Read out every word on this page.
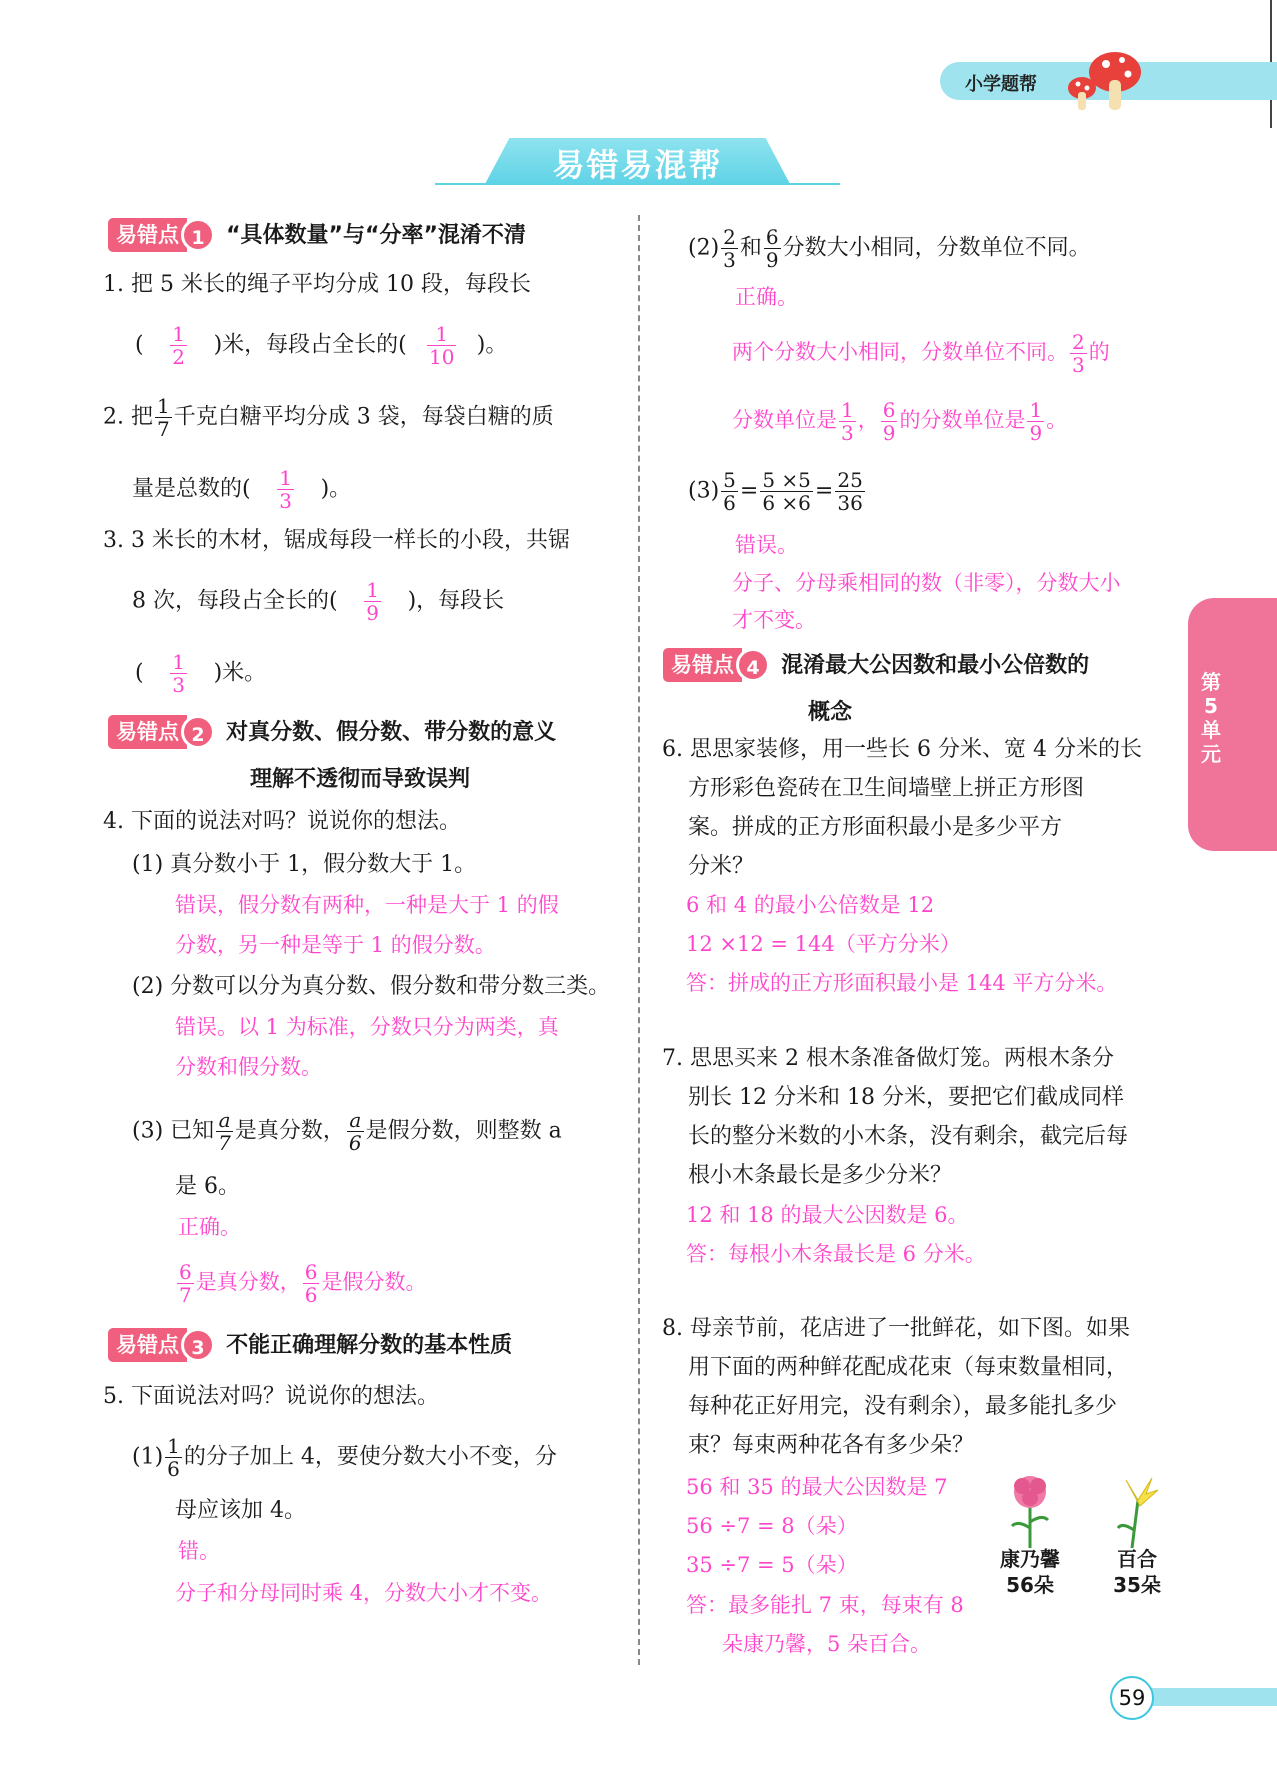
小学题帮
易错易混帮
第5单元
易错点 1 “具体数量”与“分率”混淆不清
1. 把 5 米长的绳子平均分成 10 段，每段长
( $\frac{1}{2}$ )米，每段占全长的( $\frac{1}{10}$ )。
2. 把 $\frac{1}{7}$ 千克白糖平均分成 3 袋，每袋白糖的质
量是总数的( $\frac{1}{3}$ )。
3. 3 米长的木材，锯成每段一样长的小段，共锯
8 次，每段占全长的( $\frac{1}{9}$ )，每段长
( $\frac{1}{3}$ )米。
易错点 2 对真分数、假分数、带分数的意义
理解不透彻而导致误判
4. 下面的说法对吗？说说你的想法。
(1) 真分数小于 1，假分数大于 1。
错误，假分数有两种，一种是大于 1 的假
分数，另一种是等于 1 的假分数。
(2) 分数可以分为真分数、假分数和带分数三类。
错误。以 1 为标准，分数只分为两类，真
分数和假分数。
(3) 已知 $\frac{a}{7}$ 是真分数， $\frac{a}{6}$ 是假分数，则整数 a
是 6。
正确。
$\frac{6}{7}$ 是真分数， $\frac{6}{6}$ 是假分数。
易错点 3 不能正确理解分数的基本性质
5. 下面说法对吗？说说你的想法。
$(1) \frac{1}{6}$ 的分子加上 4，要使分数大小不变，分
母应该加 4。
错。
分子和分母同时乘 4，分数大小才不变。
$(2) \frac{2}{3}$ 和 $\frac{6}{9}$ 分数大小相同，分数单位不同。
正确。
两个分数大小相同，分数单位不同。 $\frac{2}{3}$ 的
分数单位是 $\frac{1}{3}$ ， $\frac{6}{9}$ 的分数单位是 $\frac{1}{9}$ 。
$(3) \frac{5}{6} = \frac{5 \times 5}{6 \times 6} = \frac{25}{36}$
错误。
分子、分母乘相同的数（非零），分数大小
才不变。
易错点 4 混淆最大公因数和最小公倍数的
概念
6. 思思家装修，用一些长 6 分米、宽 4 分米的长
方形彩色瓷砖在卫生间墙壁上拼正方形图
案。拼成的正方形面积最小是多少平方
分米？
6 和 4 的最小公倍数是 12
12 ×12 = 144（平方分米）
答：拼成的正方形面积最小是 144 平方分米。
7. 思思买来 2 根木条准备做灯笼。两根木条分
别长 12 分米和 18 分米，要把它们截成同样
长的整分米数的小木条，没有剩余，截完后每
根小木条最长是多少分米？
12 和 18 的最大公因数是 6。
答：每根小木条最长是 6 分米。
8. 母亲节前，花店进了一批鲜花，如下图。如果
用下面的两种鲜花配成花束（每束数量相同，
每种花正好用完，没有剩余），最多能扎多少
束？每束两种花各有多少朵？
56 和 35 的最大公因数是 7
56 ÷7 = 8（朵）
35 ÷7 = 5（朵）
答：最多能扎 7 束，每束有 8
朵康乃馨，5 朵百合。
康乃馨
56朵
百合
35朵
59
